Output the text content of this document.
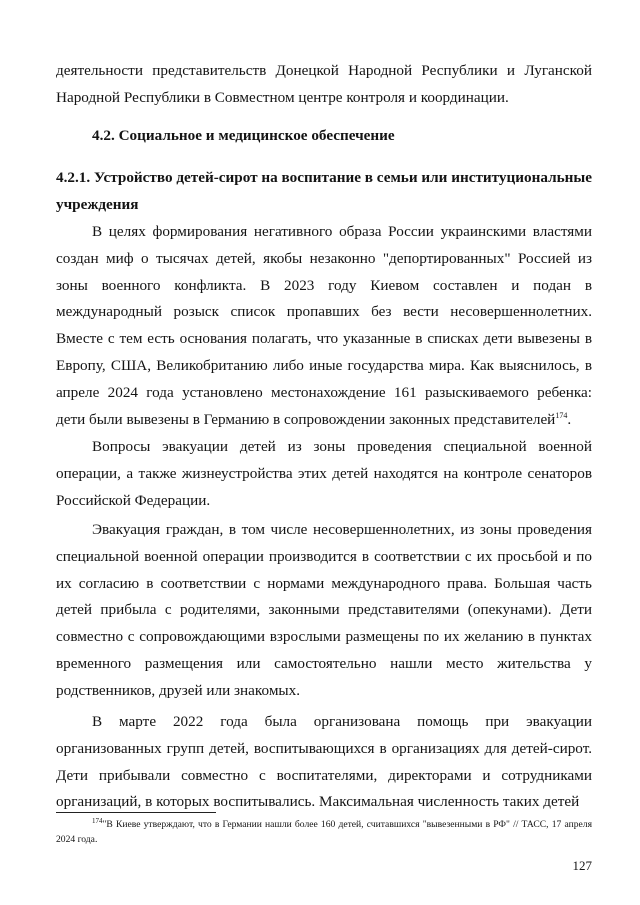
деятельности представительств Донецкой Народной Республики и Луганской Народной Республики в Совместном центре контроля и координации.
4.2. Социальное и медицинское обеспечение
4.2.1. Устройство детей-сирот на воспитание в семьи или институциональные учреждения
В целях формирования негативного образа России украинскими властями создан миф о тысячах детей, якобы незаконно "депортированных" Россией из зоны военного конфликта. В 2023 году Киевом составлен и подан в международный розыск список пропавших без вести несовершеннолетних. Вместе с тем есть основания полагать, что указанные в списках дети вывезены в Европу, США, Великобританию либо иные государства мира. Как выяснилось, в апреле 2024 года установлено местонахождение 161 разыскиваемого ребенка: дети были вывезены в Германию в сопровождении законных представителей$^{174}$.
Вопросы эвакуации детей из зоны проведения специальной военной операции, а также жизнеустройства этих детей находятся на контроле сенаторов Российской Федерации.
Эвакуация граждан, в том числе несовершеннолетних, из зоны проведения специальной военной операции производится в соответствии с их просьбой и по их согласию в соответствии с нормами международного права. Большая часть детей прибыла с родителями, законными представителями (опекунами). Дети совместно с сопровождающими взрослыми размещены по их желанию в пунктах временного размещения или самостоятельно нашли место жительства у родственников, друзей или знакомых.
В марте 2022 года была организована помощь при эвакуации организованных групп детей, воспитывающихся в организациях для детей-сирот. Дети прибывали совместно с воспитателями, директорами и сотрудниками организаций, в которых воспитывались. Максимальная численность таких детей
$^{174}$"В Киеве утверждают, что в Германии нашли более 160 детей, считавшихся "вывезенными в РФ" // ТАСС, 17 апреля 2024 года.
127
